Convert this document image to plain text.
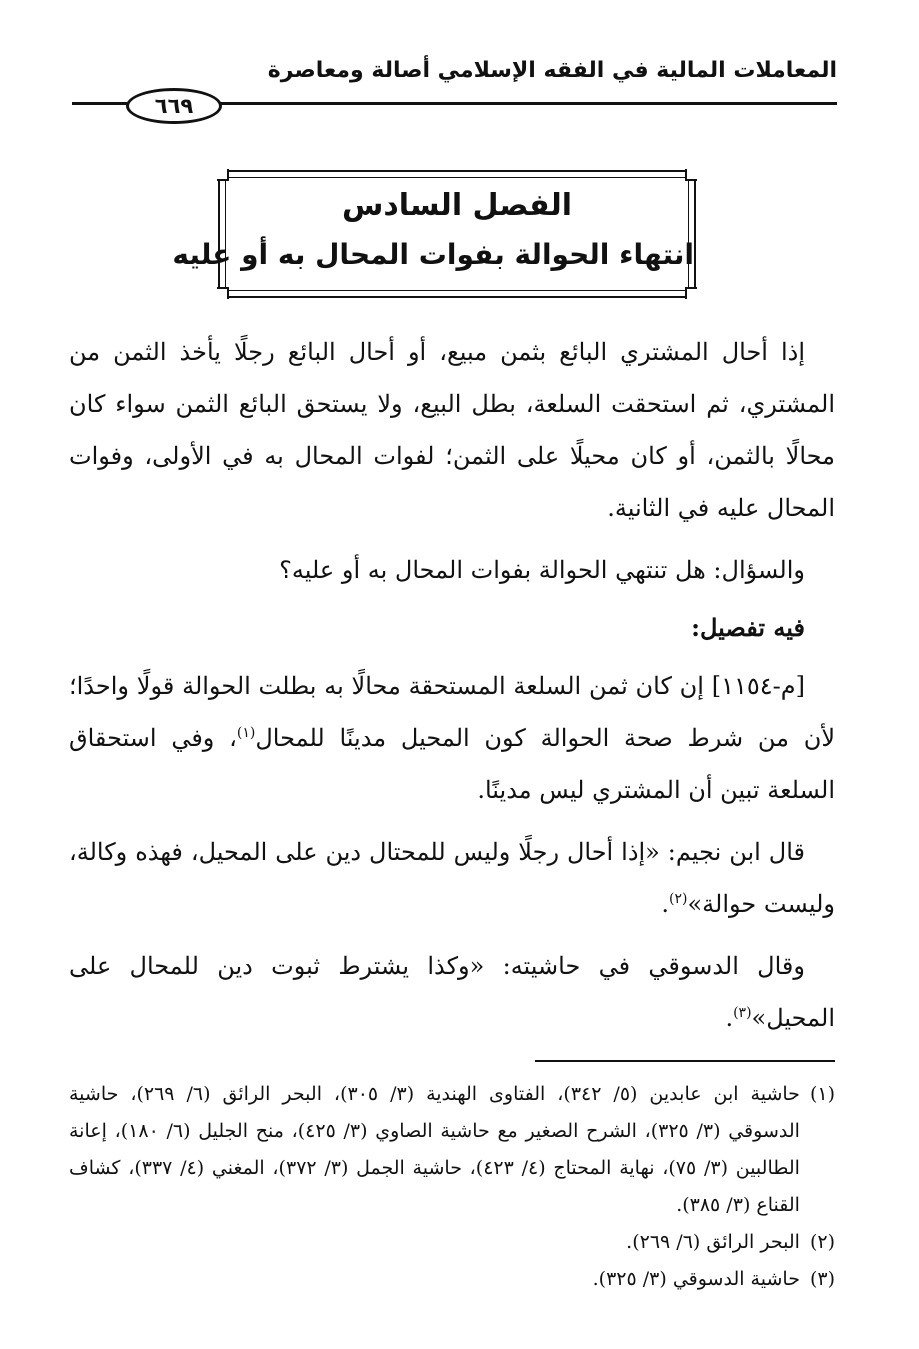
المعاملات المالية في الفقه الإسلامي أصالة ومعاصرة
٦٦٩
الفصل السادس
انتهاء الحوالة بفوات المحال به أو عليه

إذا أحال المشتري البائع بثمن مبيع، أو أحال البائع رجلًا يأخذ الثمن من المشتري، ثم استحقت السلعة، بطل البيع، ولا يستحق البائع الثمن سواء كان محالًا بالثمن، أو كان محيلًا على الثمن؛ لفوات المحال به في الأولى، وفوات المحال عليه في الثانية.

والسؤال: هل تنتهي الحوالة بفوات المحال به أو عليه؟

فيه تفصيل:

[م-١١٥٤] إن كان ثمن السلعة المستحقة محالًا به بطلت الحوالة قولًا واحدًا؛ لأن من شرط صحة الحوالة كون المحيل مدينًا للمحال$^{(١)}$، وفي استحقاق السلعة تبين أن المشتري ليس مدينًا.

قال ابن نجيم: «إذا أحال رجلًا وليس للمحتال دين على المحيل، فهذه وكالة، وليست حوالة»$^{(٢)}$.

وقال الدسوقي في حاشيته: «وكذا يشترط ثبوت دين للمحال على المحيل»$^{(٣)}$.

(١)
حاشية ابن عابدين (٥/ ٣٤٢)، الفتاوى الهندية (٣/ ٣٠٥)، البحر الرائق (٦/ ٢٦٩)، حاشية الدسوقي (٣/ ٣٢٥)، الشرح الصغير مع حاشية الصاوي (٣/ ٤٢٥)، منح الجليل (٦/ ١٨٠)، إعانة الطالبين (٣/ ٧٥)، نهاية المحتاج (٤/ ٤٢٣)، حاشية الجمل (٣/ ٣٧٢)، المغني (٤/ ٣٣٧)، كشاف القناع (٣/ ٣٨٥).
(٢)
البحر الرائق (٦/ ٢٦٩).
(٣)
حاشية الدسوقي (٣/ ٣٢٥).
